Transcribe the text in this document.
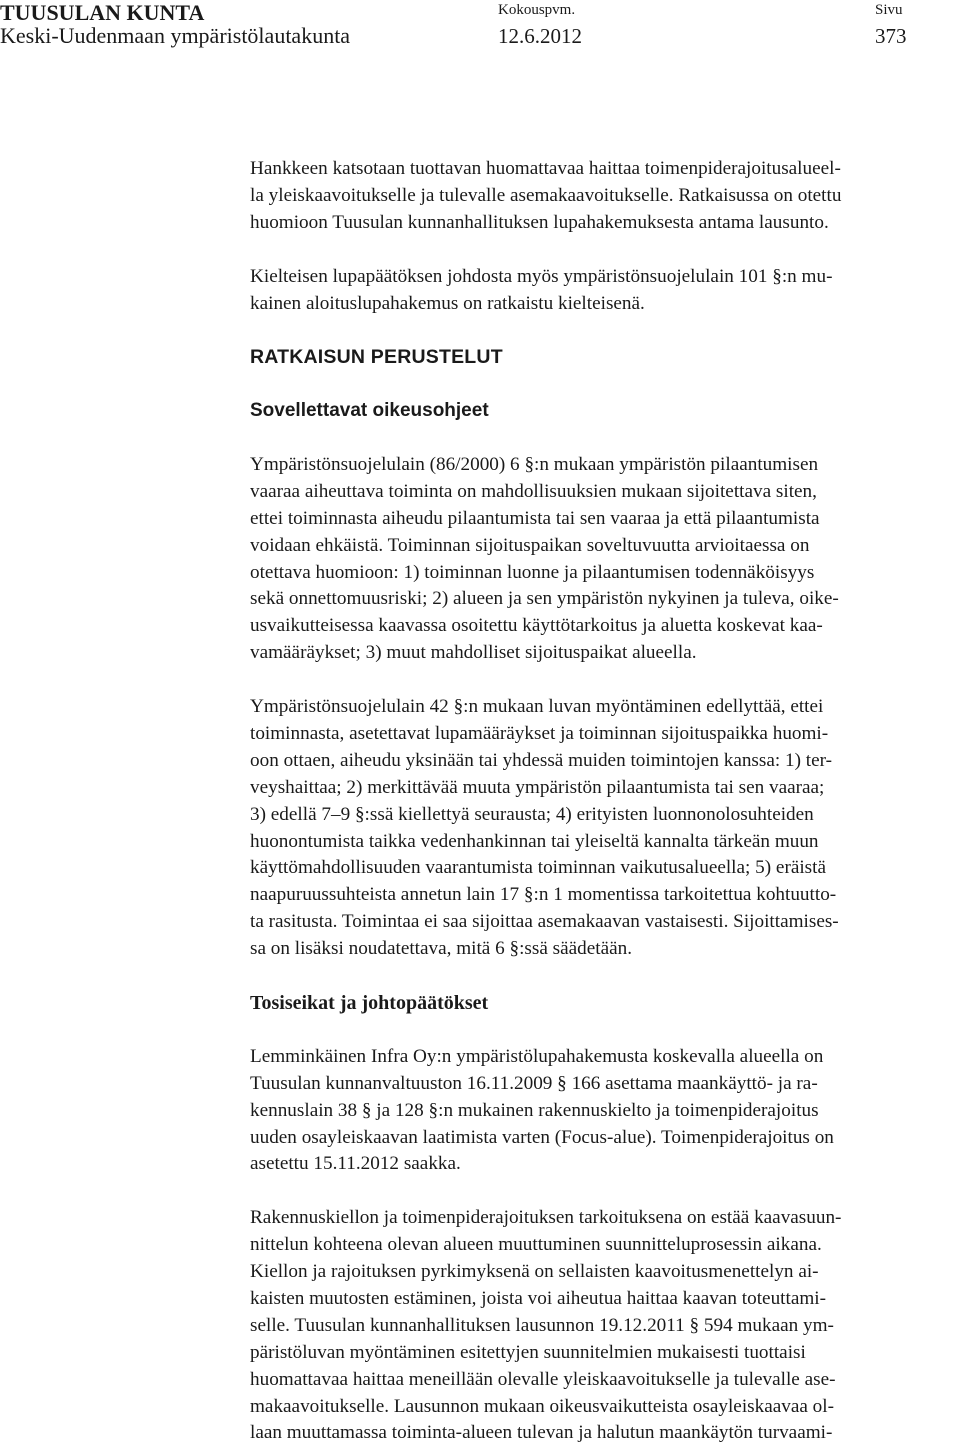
TUUSULAN KUNTA
Keski-Uudenmaan ympäristölautakunta
Kokouspvm.
12.6.2012
Sivu
373

Hankkeen katsotaan tuottavan huomattavaa haittaa toimenpiderajoitusalueel-

la yleiskaavoitukselle ja tulevalle asemakaavoitukselle. Ratkaisussa on otettu

huomioon Tuusulan kunnanhallituksen lupahakemuksesta antama lausunto.

Kielteisen lupapäätöksen johdosta myös ympäristönsuojelulain 101 §:n mu-

kainen aloituslupahakemus on ratkaistu kielteisenä.

RATKAISUN PERUSTELUT
Sovellettavat oikeusohjeet

Ympäristönsuojelulain (86/2000) 6 §:n mukaan ympäristön pilaantumisen

vaaraa aiheuttava toiminta on mahdollisuuksien mukaan sijoitettava siten,

ettei toiminnasta aiheudu pilaantumista tai sen vaaraa ja että pilaantumista

voidaan ehkäistä. Toiminnan sijoituspaikan soveltuvuutta arvioitaessa on

otettava huomioon: 1) toiminnan luonne ja pilaantumisen todennäköisyys

sekä onnettomuusriski; 2) alueen ja sen ympäristön nykyinen ja tuleva, oike-

usvaikutteisessa kaavassa osoitettu käyttötarkoitus ja aluetta koskevat kaa-

vamääräykset; 3) muut mahdolliset sijoituspaikat alueella.

Ympäristönsuojelulain 42 §:n mukaan luvan myöntäminen edellyttää, ettei

toiminnasta, asetettavat lupamääräykset ja toiminnan sijoituspaikka huomi-

oon ottaen, aiheudu yksinään tai yhdessä muiden toimintojen kanssa: 1) ter-

veyshaittaa; 2) merkittävää muuta ympäristön pilaantumista tai sen vaaraa;

3) edellä 7–9 §:ssä kiellettyä seurausta; 4) erityisten luonnonolosuhteiden

huonontumista taikka vedenhankinnan tai yleiseltä kannalta tärkeän muun

käyttömahdollisuuden vaarantumista toiminnan vaikutusalueella; 5) eräistä

naapuruussuhteista annetun lain 17 §:n 1 momentissa tarkoitettua kohtuutto-

ta rasitusta. Toimintaa ei saa sijoittaa asemakaavan vastaisesti. Sijoittamises-

sa on lisäksi noudatettava, mitä 6 §:ssä säädetään.

Tosiseikat ja johtopäätökset

Lemminkäinen Infra Oy:n ympäristölupahakemusta koskevalla alueella on

Tuusulan kunnanvaltuuston 16.11.2009 § 166 asettama maankäyttö- ja ra-

kennuslain 38 § ja 128 §:n mukainen rakennuskielto ja toimenpiderajoitus

uuden osayleiskaavan laatimista varten (Focus-alue). Toimenpiderajoitus on

asetettu 15.11.2012 saakka.

Rakennuskiellon ja toimenpiderajoituksen tarkoituksena on estää kaavasuun-

nittelun kohteena olevan alueen muuttuminen suunnitteluprosessin aikana.

Kiellon ja rajoituksen pyrkimyksenä on sellaisten kaavoitusmenettelyn ai-

kaisten muutosten estäminen, joista voi aiheutua haittaa kaavan toteuttami-

selle. Tuusulan kunnanhallituksen lausunnon 19.12.2011 § 594 mukaan ym-

päristöluvan myöntäminen esitettyjen suunnitelmien mukaisesti tuottaisi

huomattavaa haittaa meneillään olevalle yleiskaavoitukselle ja tulevalle ase-

makaavoitukselle. Lausunnon mukaan oikeusvaikutteista osayleiskaavaa ol-

laan muuttamassa toiminta-alueen tulevan ja halutun maankäytön turvaami-
